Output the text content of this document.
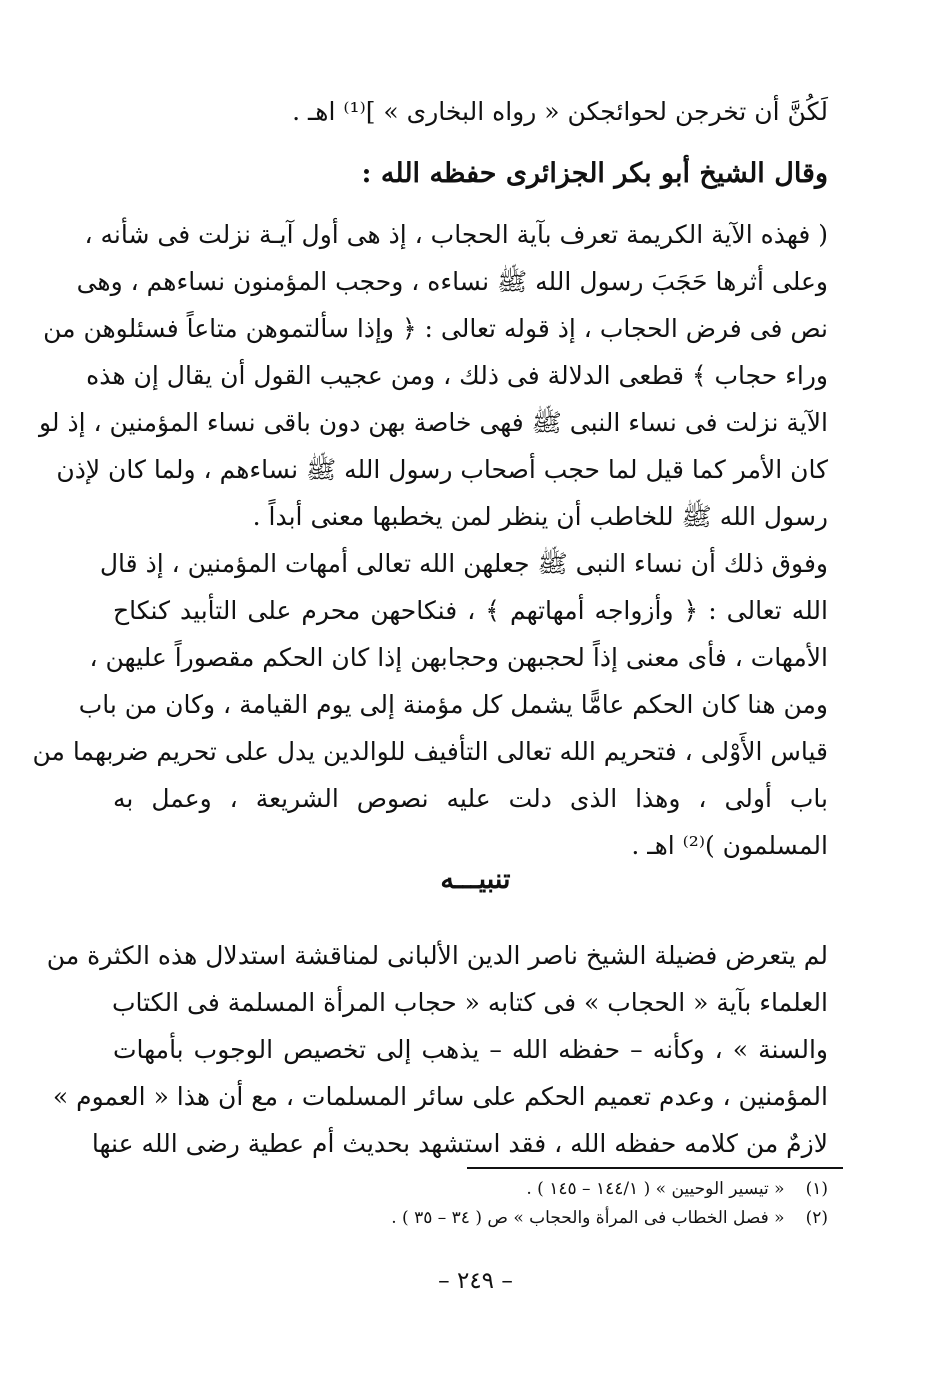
لَكُنَّ أن تخرجن لحوائجكن « رواه البخارى » ]⁽¹⁾ اهـ .
وقال الشيخ أبو بكر الجزائرى حفظه الله :
( فهذه الآية الكريمة تعرف بآية الحجاب ، إذ هى أول آيـة نزلت فى شأنه ،
وعلى أثرها حَجَبَ رسول الله ﷺ نساءه ، وحجب المؤمنون نساءهم ، وهى
نص فى فرض الحجاب ، إذ قوله تعالى : ﴿ وإذا سألتموهن متاعاً فسئلوهن من
وراء حجاب ﴾ قطعى الدلالة فى ذلك ، ومن عجيب القول أن يقال إن هذه
الآية نزلت فى نساء النبى ﷺ فهى خاصة بهن دون باقى نساء المؤمنين ، إذ لو
كان الأمر كما قيل لما حجب أصحاب رسول الله ﷺ نساءهم ، ولما كان لإذن
رسول الله ﷺ للخاطب أن ينظر لمن يخطبها معنى أبداً .
وفوق ذلك أن نساء النبى ﷺ جعلهن الله تعالى أمهات المؤمنين ، إذ قال
الله تعالى : ﴿ وأزواجه أمهاتهم ﴾ ، فنكاحهن محرم على التأبيد كنكاح
الأمهات ، فأى معنى إذاً لحجبهن وحجابهن إذا كان الحكم مقصوراً عليهن ،
ومن هنا كان الحكم عامًّا يشمل كل مؤمنة إلى يوم القيامة ، وكان من باب
قياس الأَوْلى ، فتحريم الله تعالى التأفيف للوالدين يدل على تحريم ضربهما من
باب أولى ، وهذا الذى دلت عليه نصوص الشريعة ، وعمل به
المسلمون )⁽²⁾ اهـ .
تنبيـــه
لم يتعرض فضيلة الشيخ ناصر الدين الألبانى لمناقشة استدلال هذه الكثرة من
العلماء بآية « الحجاب » فى كتابه « حجاب المرأة المسلمة فى الكتاب
والسنة » ، وكأنه – حفظه الله – يذهب إلى تخصيص الوجوب بأمهات
المؤمنين ، وعدم تعميم الحكم على سائر المسلمات ، مع أن هذا « العموم »
لازمٌ من كلامه حفظه الله ، فقد استشهد بحديث أم عطية رضى الله عنها
(١) « تيسير الوحيين » ( ١٤٤/١ – ١٤٥ ) .
(٢) « فصل الخطاب فى المرأة والحجاب » ص ( ٣٤ – ٣٥ ) .
– ٢٤٩ –
